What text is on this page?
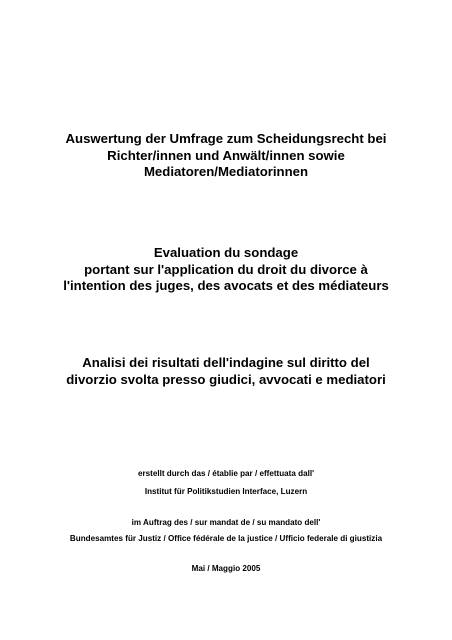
Auswertung der Umfrage zum Scheidungsrecht bei
Richter/innen und Anwält/innen sowie
Mediatoren/Mediatorinnen
Evaluation du sondage
portant sur l'application du droit du divorce à
l'intention des juges, des avocats et des médiateurs
Analisi dei risultati dell'indagine sul diritto del
divorzio svolta presso giudici, avvocati e mediatori
erstellt durch das / établie par / effettuata dall'
Institut für Politikstudien Interface, Luzern
im Auftrag des / sur mandat de / su mandato dell'
Bundesamtes für Justiz / Office fédérale de la justice / Ufficio federale di giustizia
Mai / Maggio 2005
